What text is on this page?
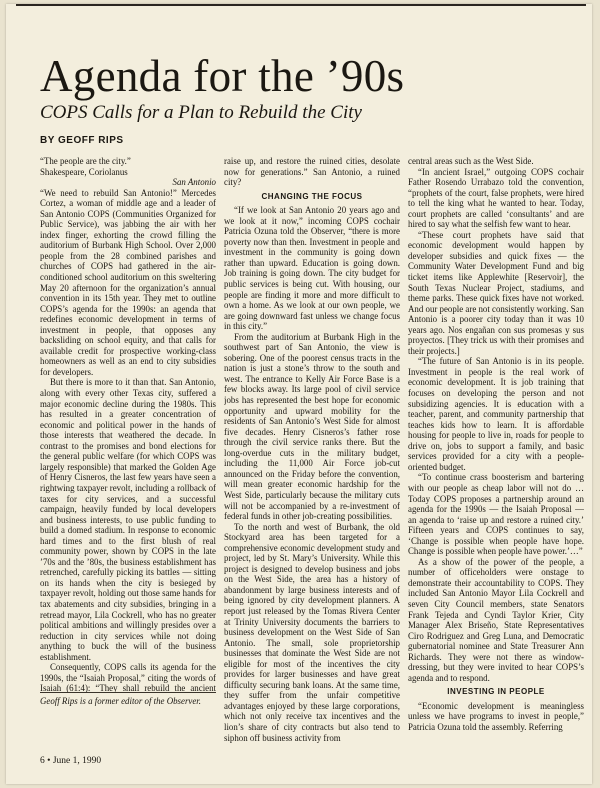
Agenda for the ’90s
COPS Calls for a Plan to Rebuild the City
BY GEOFF RIPS

“The people are the city.”

Shakespeare, Coriolanus

San Antonio

“We need to rebuild San Antonio!” Mercedes Cortez, a woman of middle age and a leader of San Antonio COPS (Communities Organized for Public Service), was jabbing the air with her index finger, exhorting the crowd filling the auditorium of Burbank High School. Over 2,000 people from the 28 combined parishes and churches of COPS had gathered in the air-conditioned school auditorium on this sweltering May 20 afternoon for the organization’s annual convention in its 15th year. They met to outline COPS’s agenda for the 1990s: an agenda that redefines economic development in terms of investment in people, that opposes any backsliding on school equity, and that calls for available credit for prospective working-class homeowners as well as an end to city subsidies for developers.

But there is more to it than that. San Antonio, along with every other Texas city, suffered a major economic decline during the 1980s. This has resulted in a greater concentration of economic and political power in the hands of those interests that weathered the decade. In contrast to the promises and bond elections for the general public welfare (for which COPS was largely responsible) that marked the Golden Age of Henry Cisneros, the last few years have seen a rightwing taxpayer revolt, including a rollback of taxes for city services, and a successful campaign, heavily funded by local developers and business interests, to use public funding to build a domed stadium. In response to economic hard times and to the first blush of real community power, shown by COPS in the late ’70s and the ’80s, the business establishment has retrenched, carefully picking its battles — sitting on its hands when the city is besieged by taxpayer revolt, holding out those same hands for tax abatements and city subsidies, bringing in a retread mayor, Lila Cockrell, who has no greater political ambitions and willingly presides over a reduction in city services while not doing anything to buck the will of the business establishment.

Consequently, COPS calls its agenda for the 1990s, the “Isaiah Proposal,” citing the words of Isaiah (61:4): “They shall rebuild the ancient

raise up, and restore the ruined cities, desolate now for generations.” San Antonio, a ruined city?

CHANGING THE FOCUS

“If we look at San Antonio 20 years ago and we look at it now,” incoming COPS cochair Patricia Ozuna told the Observer, “there is more poverty now than then. Investment in people and investment in the community is going down rather than upward. Education is going down. Job training is going down. The city budget for public services is being cut. With housing, our people are finding it more and more difficult to own a home. As we look at our own people, we are going downward fast unless we change focus in this city.”

From the auditorium at Burbank High in the southwest part of San Antonio, the view is sobering. One of the poorest census tracts in the nation is just a stone’s throw to the south and west. The entrance to Kelly Air Force Base is a few blocks away. Its large pool of civil service jobs has represented the best hope for economic opportunity and upward mobility for the residents of San Antonio’s West Side for almost five decades. Henry Cisneros’s father rose through the civil service ranks there. But the long-overdue cuts in the military budget, including the 11,000 Air Force job-cut announced on the Friday before the convention, will mean greater economic hardship for the West Side, particularly because the military cuts will not be accompanied by a re-investment of federal funds in other job-creating possibilities.

To the north and west of Burbank, the old Stockyard area has been targeted for a comprehensive economic development study and project, led by St. Mary’s University. While this project is designed to develop business and jobs on the West Side, the area has a history of abandonment by large business interests and of being ignored by city development planners. A report just released by the Tomas Rivera Center at Trinity University documents the barriers to business development on the West Side of San Antonio. The small, sole proprietorship businesses that dominate the West Side are not eligible for most of the incentives the city provides for larger businesses and have great difficulty securing bank loans. At the same time, they suffer from the unfair competitive advantages enjoyed by these large corporations, which not only receive tax incentives and the lion’s share of city contracts but also tend to siphon off business activity from

central areas such as the West Side.

“In ancient Israel,” outgoing COPS cochair Father Rosendo Urrabazo told the convention, “prophets of the court, false prophets, were hired to tell the king what he wanted to hear. Today, court prophets are called ‘consultants’ and are hired to say what the selfish few want to hear.

“These court prophets have said that economic development would happen by developer subsidies and quick fixes — the Community Water Development Fund and big ticket items like Applewhite [Reservoir], the South Texas Nuclear Project, stadiums, and theme parks. These quick fixes have not worked. And our people are not consistently working. San Antonio is a poorer city today than it was 10 years ago. Nos engañan con sus promesas y sus proyectos. [They trick us with their promises and their projects.]

“The future of San Antonio is in its people. Investment in people is the real work of economic development. It is job training that focuses on developing the person and not subsidizing agencies. It is education with a teacher, parent, and community partnership that teaches kids how to learn. It is affordable housing for people to live in, roads for people to drive on, jobs to support a family, and basic services provided for a city with a people-oriented budget.

“To continue crass boosterism and bartering with our people as cheap labor will not do … Today COPS proposes a partnership around an agenda for the 1990s — the Isaiah Proposal — an agenda to ‘raise up and restore a ruined city.’ Fifteen years and COPS continues to say, ‘Change is possible when people have hope. Change is possible when people have power.’…”

As a show of the power of the people, a number of officeholders were onstage to demonstrate their accountability to COPS. They included San Antonio Mayor Lila Cockrell and seven City Council members, state Senators Frank Tejeda and Cyndi Taylor Krier, City Manager Alex Briseño, State Representatives Ciro Rodriguez and Greg Luna, and Democratic gubernatorial nominee and State Treasurer Ann Richards. They were not there as window-dressing, but they were invited to hear COPS’s agenda and to respond.

INVESTING IN PEOPLE

“Economic development is meaningless unless we have programs to invest in people,” Patricia Ozuna told the assembly. Referring

Geoff Rips is a former editor of the Observer.

6 • June 1, 1990
